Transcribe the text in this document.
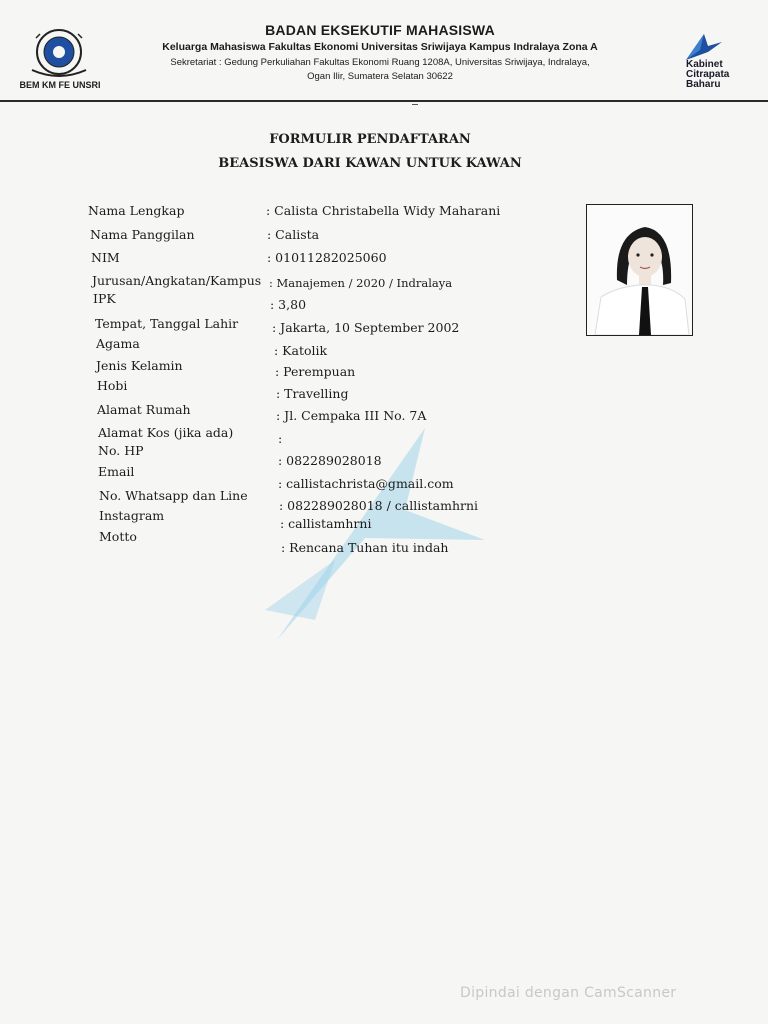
BEM KM FE UNSRI
BADAN EKSEKUTIF MAHASISWA
Keluarga Mahasiswa Fakultas Ekonomi Universitas Sriwijaya Kampus Indralaya Zona A
Sekretariat : Gedung Perkuliahan Fakultas Ekonomi Ruang 1208A, Universitas Sriwijaya, Indralaya,
Ogan Ilir, Sumatera Selatan 30622
Kabinet
Citrapata
Baharu
FORMULIR PENDAFTARAN
BEASISWA DARI KAWAN UNTUK KAWAN
Nama Lengkap	: Calista Christabella Widy Maharani
Nama Panggilan	: Calista
NIM	: 01011282025060
Jurusan/Angkatan/Kampus : Manajemen / 2020 / Indralaya
IPK	: 3,80
Tempat, Tanggal Lahir	: Jakarta, 10 September 2002
Agama	: Katolik
Jenis Kelamin	: Perempuan
Hobi
: Travelling
Alamat Rumah	: Jl. Cempaka III No. 7A
Alamat Kos (jika ada)	:
No. HP
: 082289028018
Email
: callistachrista@gmail.com
No. Whatsapp dan Line
: 082289028018 / callistamhrni
Instagram
: callistamhrni
Motto
: Rencana Tuhan itu indah
Dipindai dengan CamScanner
